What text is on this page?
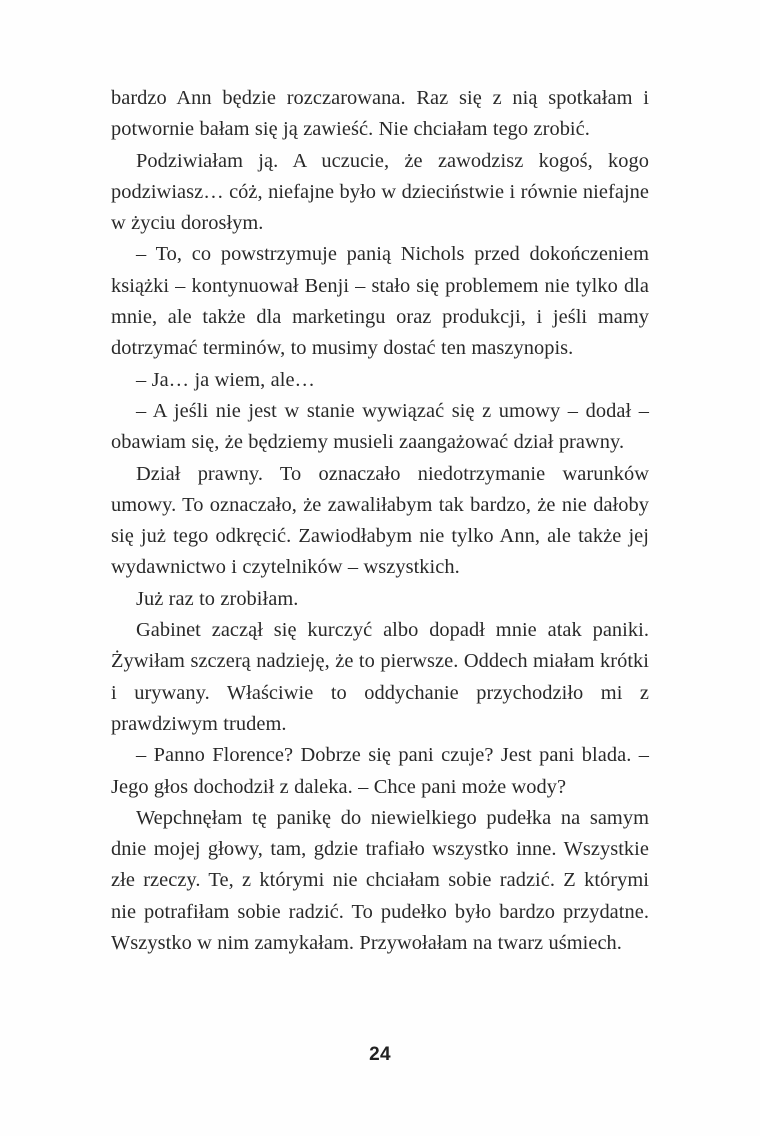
bardzo Ann będzie rozczarowana. Raz się z nią spotkałam i potwornie bałam się ją zawieść. Nie chciałam tego zrobić.

Podziwiałam ją. A uczucie, że zawodzisz kogoś, kogo podziwiasz… cóż, niefajne było w dzieciństwie i równie niefajne w życiu dorosłym.

– To, co powstrzymuje panią Nichols przed dokończeniem książki – kontynuował Benji – stało się problemem nie tylko dla mnie, ale także dla marketingu oraz produkcji, i jeśli mamy dotrzymać terminów, to musimy dostać ten maszynopis.

– Ja… ja wiem, ale…

– A jeśli nie jest w stanie wywiązać się z umowy – dodał – obawiam się, że będziemy musieli zaangażować dział prawny.

Dział prawny. To oznaczało niedotrzymanie warunków umowy. To oznaczało, że zawaliłabym tak bardzo, że nie dałoby się już tego odkręcić. Zawiodłabym nie tylko Ann, ale także jej wydawnictwo i czytelników – wszystkich.

Już raz to zrobiłam.

Gabinet zaczął się kurczyć albo dopadł mnie atak paniki. Żywiłam szczerą nadzieję, że to pierwsze. Oddech miałam krótki i urywany. Właściwie to oddychanie przychodziło mi z prawdziwym trudem.

– Panno Florence? Dobrze się pani czuje? Jest pani blada. – Jego głos dochodził z daleka. – Chce pani może wody?

Wepchnęłam tę panikę do niewielkiego pudełka na samym dnie mojej głowy, tam, gdzie trafiało wszystko inne. Wszystkie złe rzeczy. Te, z którymi nie chciałam sobie radzić. Z którymi nie potrafiłam sobie radzić. To pudełko było bardzo przydatne. Wszystko w nim zamykałam. Przywołałam na twarz uśmiech.

24
